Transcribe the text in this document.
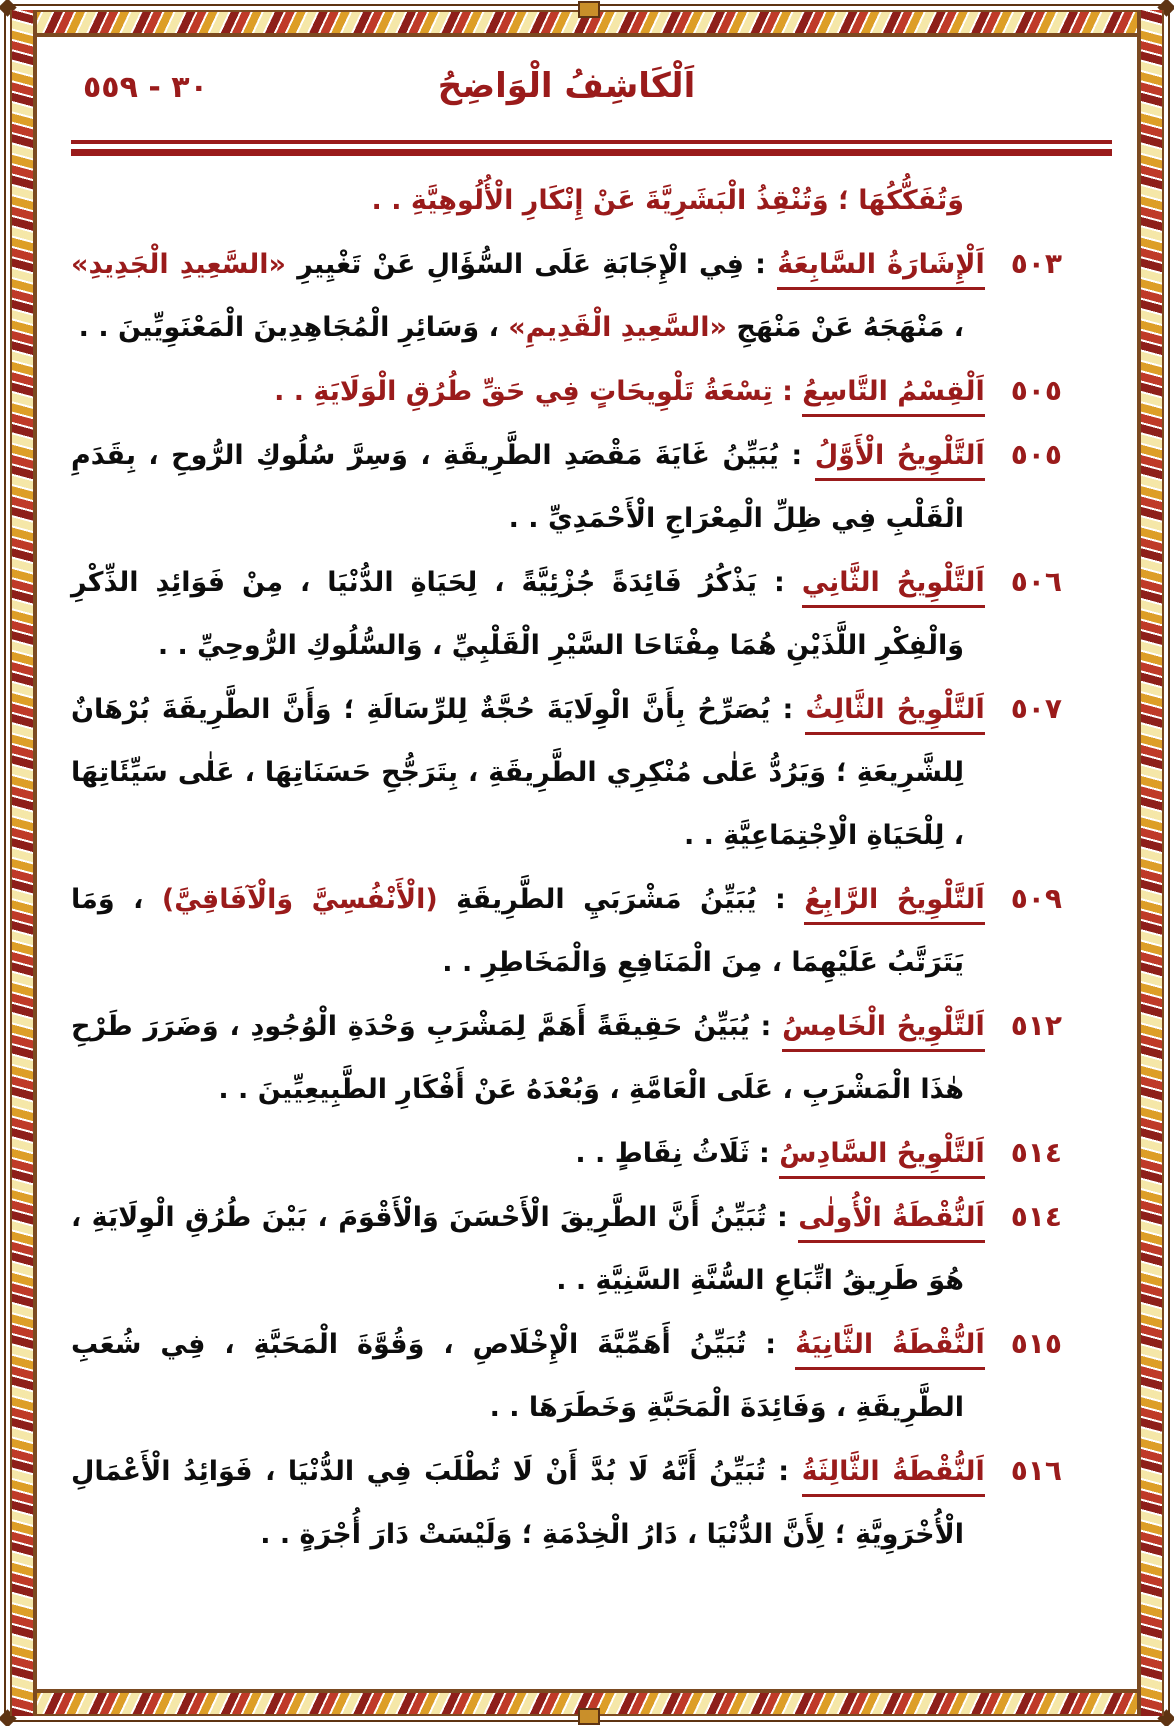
٣٠ - ٥٥٩	اَلْكَاشِفُ الْوَاضِحُ

وَتُفَكُّكُهَا ؛ وَتُنْقِذُ الْبَشَرِيَّةَ عَنْ إِنْكَارِ الْأُلُوهِيَّةِ . .

٥٠٣اَلْإِشَارَةُ السَّابِعَةُ : فِي الْإِجَابَةِ عَلَى السُّؤَالِ عَنْ تَغْيِيرِ «السَّعِيدِ الْجَدِيدِ» ، مَنْهَجَهُ عَنْ مَنْهَجِ «السَّعِيدِ الْقَدِيمِ» ، وَسَائِرِ الْمُجَاهِدِينَ الْمَعْنَوِيِّينَ . .

٥٠٥اَلْقِسْمُ التَّاسِعُ : تِسْعَةُ تَلْوِيحَاتٍ فِي حَقِّ طُرُقِ الْوَلَايَةِ . .

٥٠٥اَلتَّلْوِيحُ الْأَوَّلُ : يُبَيِّنُ غَايَةَ مَقْصَدِ الطَّرِيقَةِ ، وَسِرَّ سُلُوكِ الرُّوحِ ، بِقَدَمِ الْقَلْبِ فِي ظِلِّ الْمِعْرَاجِ الْأَحْمَدِيِّ . .

٥٠٦اَلتَّلْوِيحُ الثَّانِي : يَذْكُرُ فَائِدَةً جُزْئِيَّةً ، لِحَيَاةِ الدُّنْيَا ، مِنْ فَوَائِدِ الذِّكْرِ وَالْفِكْرِ اللَّذَيْنِ هُمَا مِفْتَاحَا السَّيْرِ الْقَلْبِيِّ ، وَالسُّلُوكِ الرُّوحِيِّ . .

٥٠٧اَلتَّلْوِيحُ الثَّالِثُ : يُصَرِّحُ بِأَنَّ الْوِلَايَةَ حُجَّةٌ لِلرِّسَالَةِ ؛ وَأَنَّ الطَّرِيقَةَ بُرْهَانٌ لِلشَّرِيعَةِ ؛ وَيَرُدُّ عَلٰى مُنْكِرِي الطَّرِيقَةِ ، بِتَرَجُّحِ حَسَنَاتِهَا ، عَلٰى سَيِّئَاتِهَا ، لِلْحَيَاةِ الْاِجْتِمَاعِيَّةِ . .

٥٠٩اَلتَّلْوِيحُ الرَّابِعُ : يُبَيِّنُ مَشْرَبَيِ الطَّرِيقَةِ (الْأَنْفُسِيَّ وَالْآفَاقِيَّ) ، وَمَا يَتَرَتَّبُ عَلَيْهِمَا ، مِنَ الْمَنَافِعِ وَالْمَخَاطِرِ . .

٥١٢اَلتَّلْوِيحُ الْخَامِسُ : يُبَيِّنُ حَقِيقَةً أَهَمَّ لِمَشْرَبِ وَحْدَةِ الْوُجُودِ ، وَضَرَرَ طَرْحِ هٰذَا الْمَشْرَبِ ، عَلَى الْعَامَّةِ ، وَبُعْدَهُ عَنْ أَفْكَارِ الطَّبِيعِيِّينَ . .

٥١٤اَلتَّلْوِيحُ السَّادِسُ : ثَلَاثُ نِقَاطٍ . .

٥١٤اَلنُّقْطَةُ الْأُولٰى : تُبَيِّنُ أَنَّ الطَّرِيقَ الْأَحْسَنَ وَالْأَقْوَمَ ، بَيْنَ طُرُقِ الْوِلَايَةِ ، هُوَ طَرِيقُ اتِّبَاعِ السُّنَّةِ السَّنِيَّةِ . .

٥١٥اَلنُّقْطَةُ الثَّانِيَةُ : تُبَيِّنُ أَهَمِّيَّةَ الْإِخْلَاصِ ، وَقُوَّةَ الْمَحَبَّةِ ، فِي شُعَبِ الطَّرِيقَةِ ، وَفَائِدَةَ الْمَحَبَّةِ وَخَطَرَهَا . .

٥١٦اَلنُّقْطَةُ الثَّالِثَةُ : تُبَيِّنُ أَنَّهُ لَا بُدَّ أَنْ لَا تُطْلَبَ فِي الدُّنْيَا ، فَوَائِدُ الْأَعْمَالِ الْأُخْرَوِيَّةِ ؛ لِأَنَّ الدُّنْيَا ، دَارُ الْخِدْمَةِ ؛ وَلَيْسَتْ دَارَ أُجْرَةٍ . .
